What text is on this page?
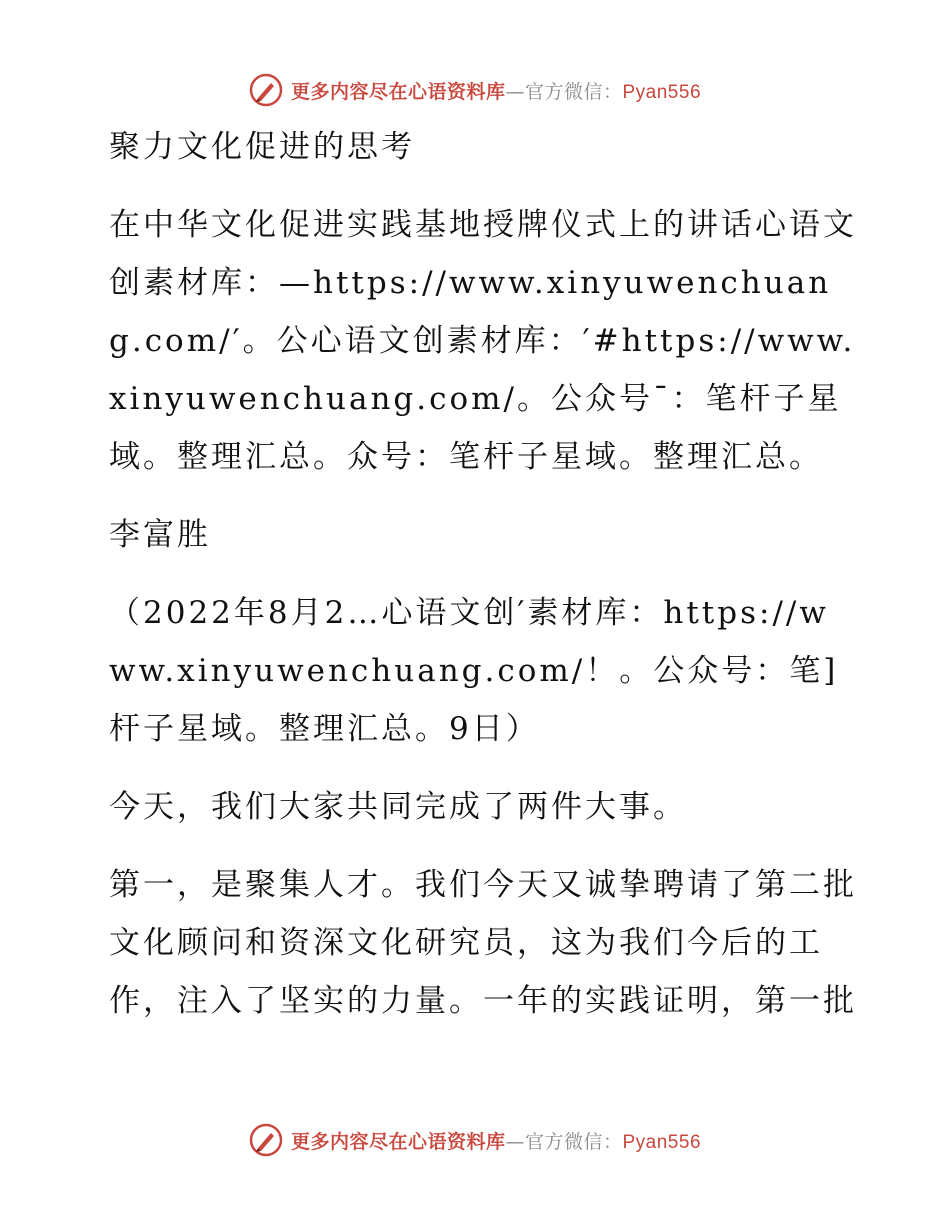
更多内容尽在心语资料库—官方微信：Pyan556

聚力文化促进的思考

在中华文化促进实践基地授牌仪式上的讲话心语文创素材库：—https://www.xinyuwenchuang.com/′。公心语文创素材库：′#https://www.xinyuwenchuang.com/。公众号¯：笔杆子星域。整理汇总。众号：笔杆子星域。整理汇总。

李富胜

（2022年8月2…心语文创′素材库：https://www.xinyuwenchuang.com/！。公众号：笔]杆子星域。整理汇总。9日）

今天，我们大家共同完成了两件大事。

第一，是聚集人才。我们今天又诚挚聘请了第二批文化顾问和资深文化研究员，这为我们今后的工作，注入了坚实的力量。一年的实践证明，第一批

更多内容尽在心语资料库—官方微信：Pyan556
